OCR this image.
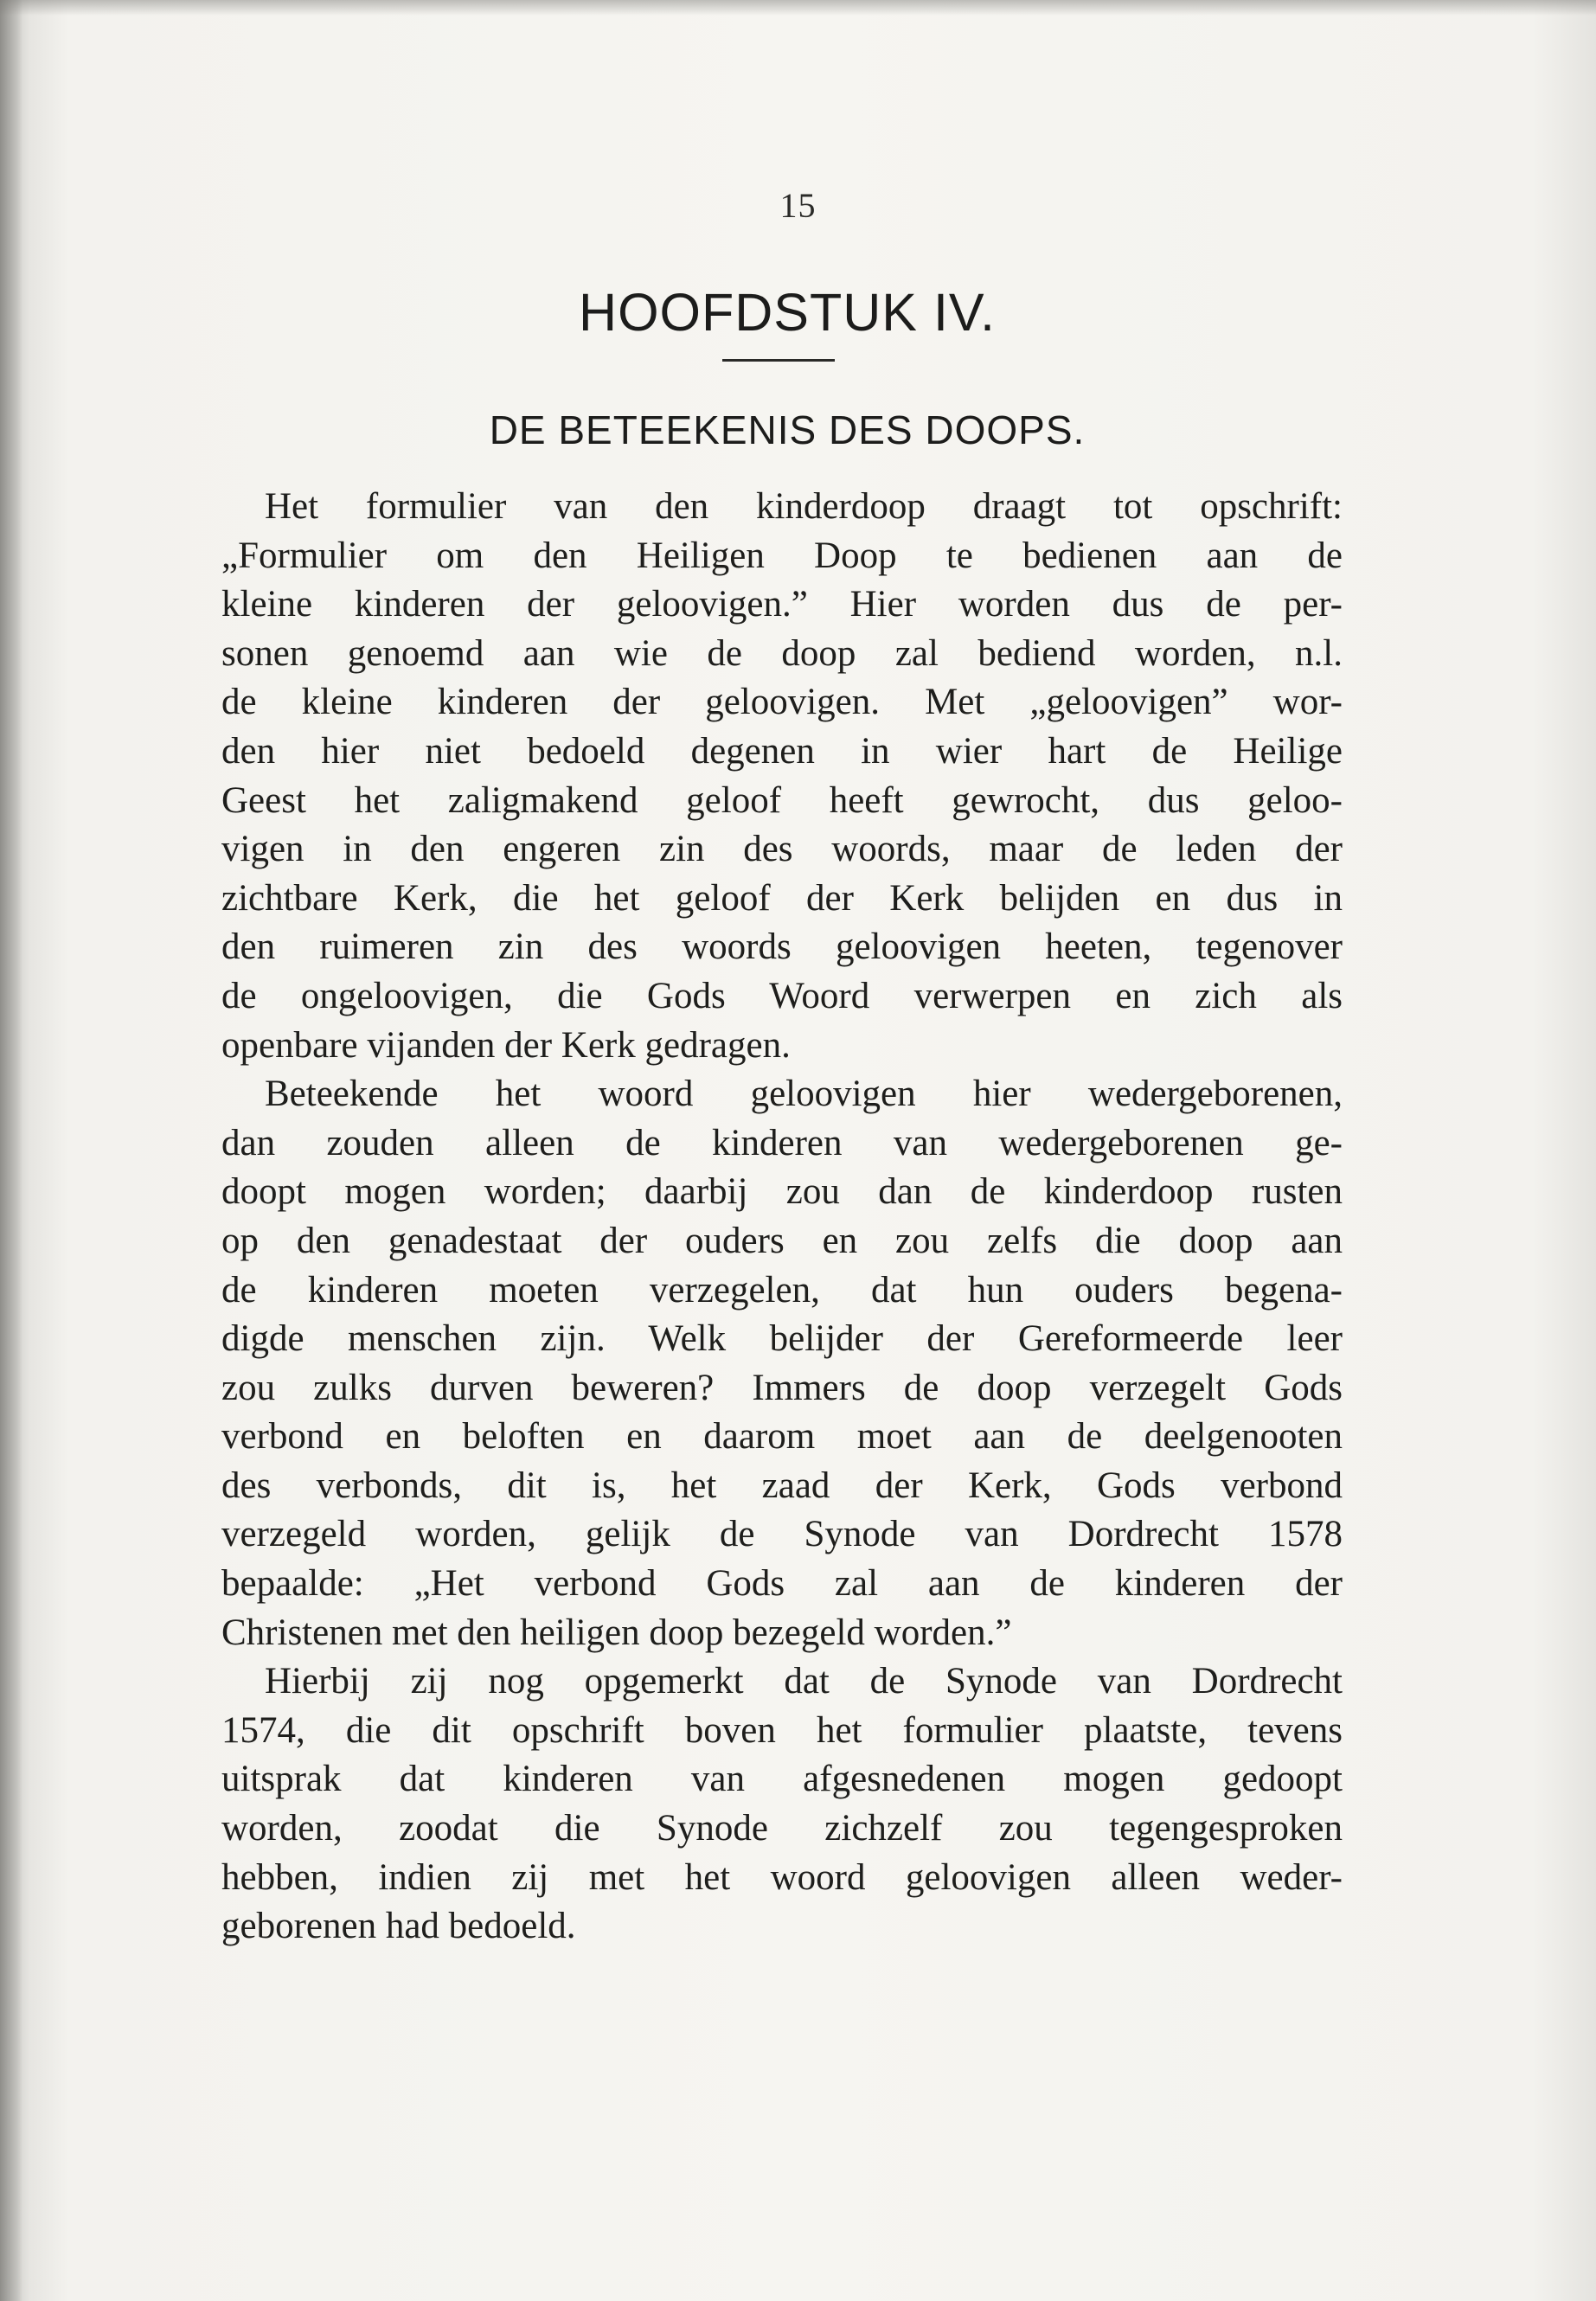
15
HOOFDSTUK IV.
DE BETEEKENIS DES DOOPS.
Het formulier van den kinderdoop draagt tot opschrift:
„Formulier om den Heiligen Doop te bedienen aan de
kleine kinderen der geloovigen.” Hier worden dus de per-
sonen genoemd aan wie de doop zal bediend worden, n.l.
de kleine kinderen der geloovigen. Met „geloovigen” wor-
den hier niet bedoeld degenen in wier hart de Heilige
Geest het zaligmakend geloof heeft gewrocht, dus geloo-
vigen in den engeren zin des woords, maar de leden der
zichtbare Kerk, die het geloof der Kerk belijden en dus in
den ruimeren zin des woords geloovigen heeten, tegenover
de ongeloovigen, die Gods Woord verwerpen en zich als
openbare vijanden der Kerk gedragen.
Beteekende het woord geloovigen hier wedergeborenen,
dan zouden alleen de kinderen van wedergeborenen ge-
doopt mogen worden; daarbij zou dan de kinderdoop rusten
op den genadestaat der ouders en zou zelfs die doop aan
de kinderen moeten verzegelen, dat hun ouders begena-
digde menschen zijn. Welk belijder der Gereformeerde leer
zou zulks durven beweren? Immers de doop verzegelt Gods
verbond en beloften en daarom moet aan de deelgenooten
des verbonds, dit is, het zaad der Kerk, Gods verbond
verzegeld worden, gelijk de Synode van Dordrecht 1578
bepaalde: „Het verbond Gods zal aan de kinderen der
Christenen met den heiligen doop bezegeld worden.”
Hierbij zij nog opgemerkt dat de Synode van Dordrecht
1574, die dit opschrift boven het formulier plaatste, tevens
uitsprak dat kinderen van afgesnedenen mogen gedoopt
worden, zoodat die Synode zichzelf zou tegengesproken
hebben, indien zij met het woord geloovigen alleen weder-
geborenen had bedoeld.
